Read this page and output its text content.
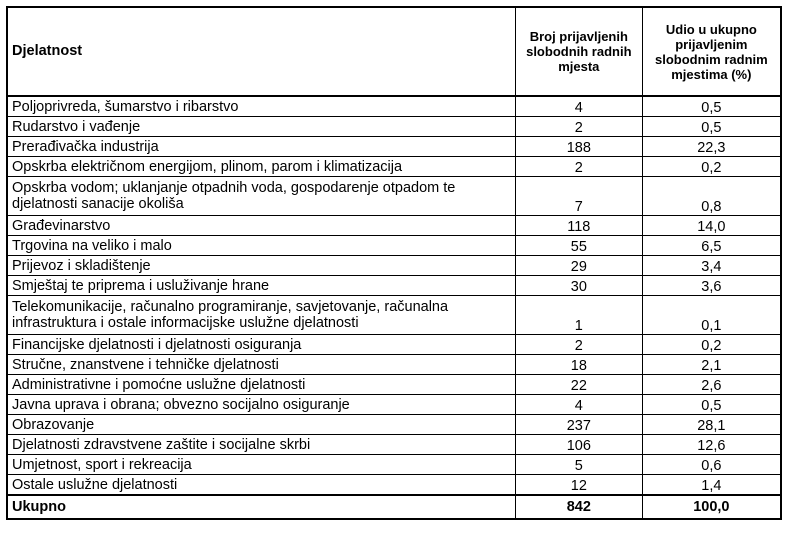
Djelatnost	Broj prijavljenih slobodnih radnih mjesta	Udio u ukupno prijavljenim slobodnim radnim mjestima (%)
Poljoprivreda, šumarstvo i ribarstvo	4	0,5
Rudarstvo i vađenje	2	0,5
Prerađivačka industrija	188	22,3
Opskrba električnom energijom, plinom, parom i klimatizacija	2	0,2
Opskrba vodom; uklanjanje otpadnih voda, gospodarenje otpadom te djelatnosti sanacije okoliša	7	0,8
Građevinarstvo	118	14,0
Trgovina na veliko i malo	55	6,5
Prijevoz i skladištenje	29	3,4
Smještaj te priprema i usluživanje hrane	30	3,6
Telekomunikacije, računalno programiranje, savjetovanje, računalna infrastruktura i ostale informacijske uslužne djelatnosti	1	0,1
Financijske djelatnosti i djelatnosti osiguranja	2	0,2
Stručne, znanstvene i tehničke djelatnosti	18	2,1
Administrativne i pomoćne uslužne djelatnosti	22	2,6
Javna uprava i obrana; obvezno socijalno osiguranje	4	0,5
Obrazovanje	237	28,1
Djelatnosti zdravstvene zaštite i socijalne skrbi	106	12,6
Umjetnost, sport i rekreacija	5	0,6
Ostale uslužne djelatnosti	12	1,4
Ukupno	842	100,0
